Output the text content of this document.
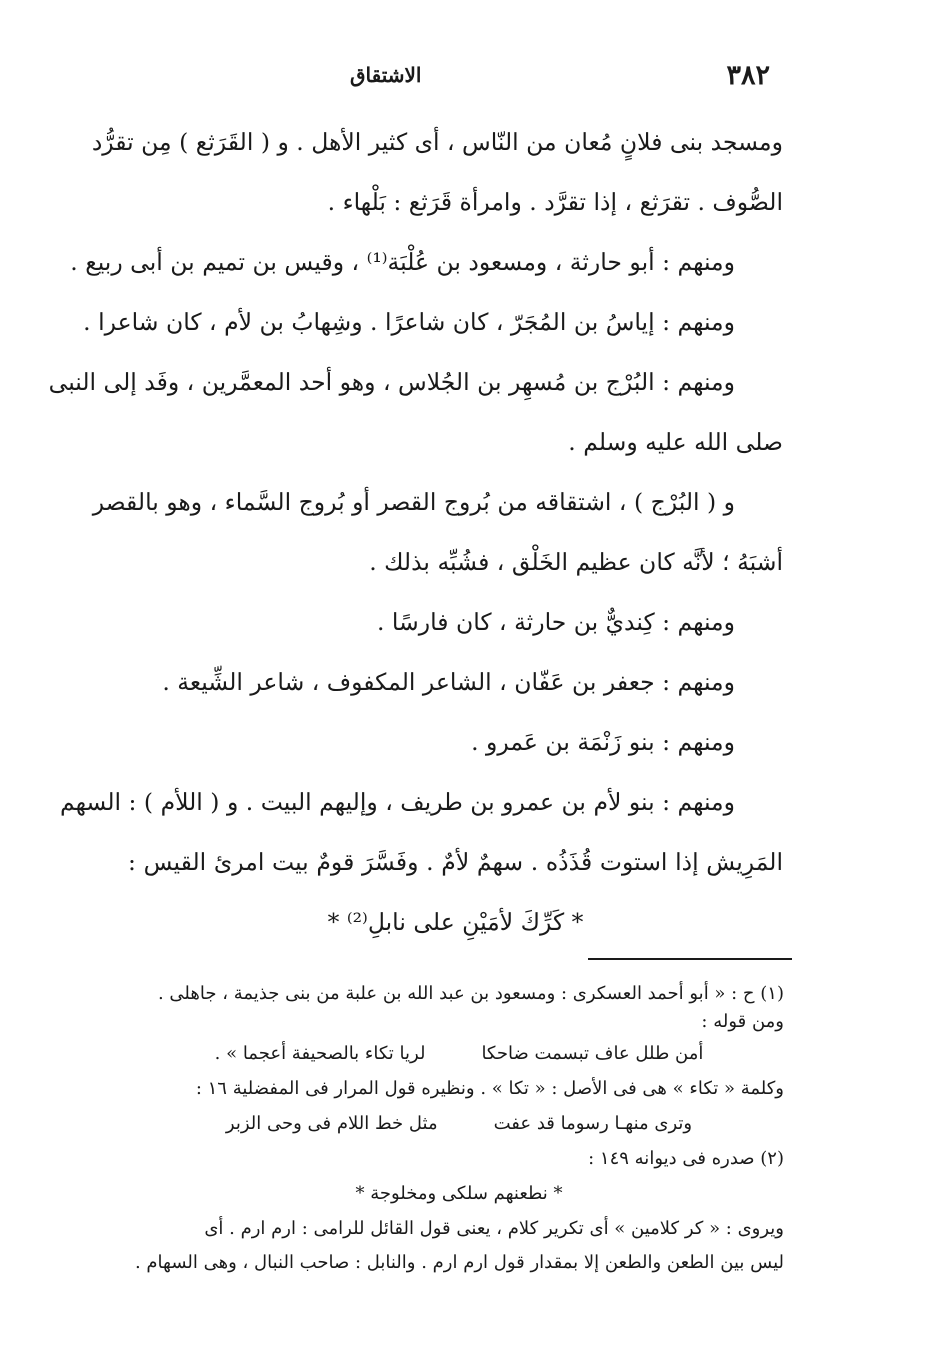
٣٨٢
الاشتقاق
ومسجد بنى فلانٍ مُعان من النّاس ، أى كثير الأهل . و ( القَرَثع ) مِن تقرُّد
الصُّوف . تقرَثع ، إذا تقرَّد . وامرأة قَرَثع : بَلْهاء .
ومنهم : أبو حارثة ، ومسعود بن عُلْبَة⁽¹⁾ ، وقيس بن تميم بن أبى ربيع .
ومنهم : إياسُ بن المُجَرّ ، كان شاعرًا . وشِهابُ بن لأم ، كان شاعرا .
ومنهم : البُرْج بن مُسهِر بن الجُلاس ، وهو أحد المعمَّرين ، وفَد إلى النبى
صلى الله عليه وسلم .
و ( البُرْج ) ، اشتقاقه من بُروج القصر أو بُروج السَّماء ، وهو بالقصر
أشبَهُ ؛ لأنَّه كان عظيم الخَلْق ، فشُبِّه بذلك .
ومنهم : كِنديٌّ بن حارثة ، كان فارسًا .
ومنهم : جعفر بن عَفّان ، الشاعر المكفوف ، شاعر الشِّيعة .
ومنهم : بنو زَنْمَة بن عَمرو .
ومنهم : بنو لأم بن عمرو بن طريف ، وإليهم البيت . و ( اللأم ) : السهم
المَرِيش إذا استوت قُذَذُه . سهمٌ لأمٌ . وفَسَّرَ قومٌ بيت امرئ القيس :
* كَرِّكَ لأمَيْنِ على نابلِ⁽²⁾ *
(١) ح : « أبو أحمد العسكرى : ومسعود بن عبد الله بن علبة من بنى جذيمة ، جاهلى .
ومن قوله :
أمن طلل عاف تبسمت ضاحكا
لريا تكاء بالصحيفة أعجما » .
وكلمة « تكاء » هى فى الأصل : « تكا » . ونظيره قول المرار فى المفضلية ١٦ :
وترى منهـا رسوما قد عفت
مثل خط اللام فى وحى الزبر
(٢) صدره فى ديوانه ١٤٩ :
* نطعنهم سلكى ومخلوجة *
ويروى : « كر كلامين » أى تكرير كلام ، يعنى قول القائل للرامى : ارم ارم . أى
ليس بين الطعن والطعن إلا بمقدار قول ارم ارم . والنابل : صاحب النبال ، وهى السهام .
